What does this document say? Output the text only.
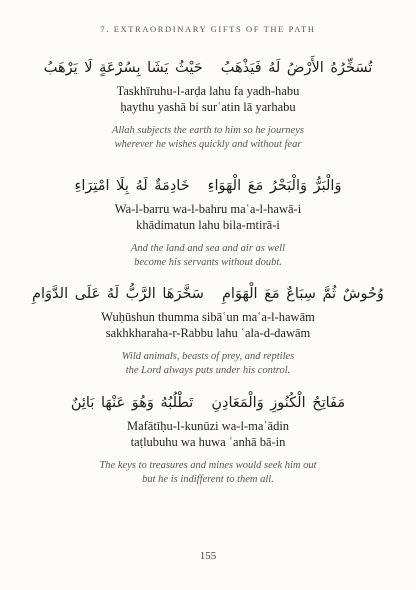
7. EXTRAORDINARY GIFTS OF THE PATH
تُسَخِّرُهُ الأَرْضُ لَهُ فَيَذْهَبُحَيْثُ يَشَا بِسُرْعَةٍ لَا يَرْهَبُ
Taskhīruhu-l-arḍa lahu fa yadh-habu
ḥaythu yashā bi surʿatin lā yarhabu
Allah subjects the earth to him so he journeys
wherever he wishes quickly and without fear
وَالْبَرُّ وَالْبَحْرُ مَعَ الْهَوَاءِخَادِمَةٌ لَهُ بِلَا امْتِرَاءِ
Wa-l-barru wa-l-bahru maʿa-l-hawā-i
khādimatun lahu bila-mtirā-i
And the land and sea and air as well
become his servants without doubt.
وُحُوشٌ ثُمَّ سِبَاعٌ مَعَ الْهَوَامِسَخَّرَهَا الرَّبُّ لَهُ عَلَى الدَّوَامِ
Wuḥūshun thumma sibāʿun maʿa-l-hawām
sakhkharaha-r-Rabbu lahu ʿala-d-dawām
Wild animals, beasts of prey, and reptiles
the Lord always puts under his control.
مَفَاتِحُ الْكُنُوزِ وَالْمَعَادِنِتَطْلُبُهُ وَهُوَ عَنْهَا بَائِنٌ
Mafātīḥu-l-kunūzi wa-l-maʿādin
taṭlubuhu wa huwa ʿanhā bā-in
The keys to treasures and mines would seek him out
but he is indifferent to them all.
155
